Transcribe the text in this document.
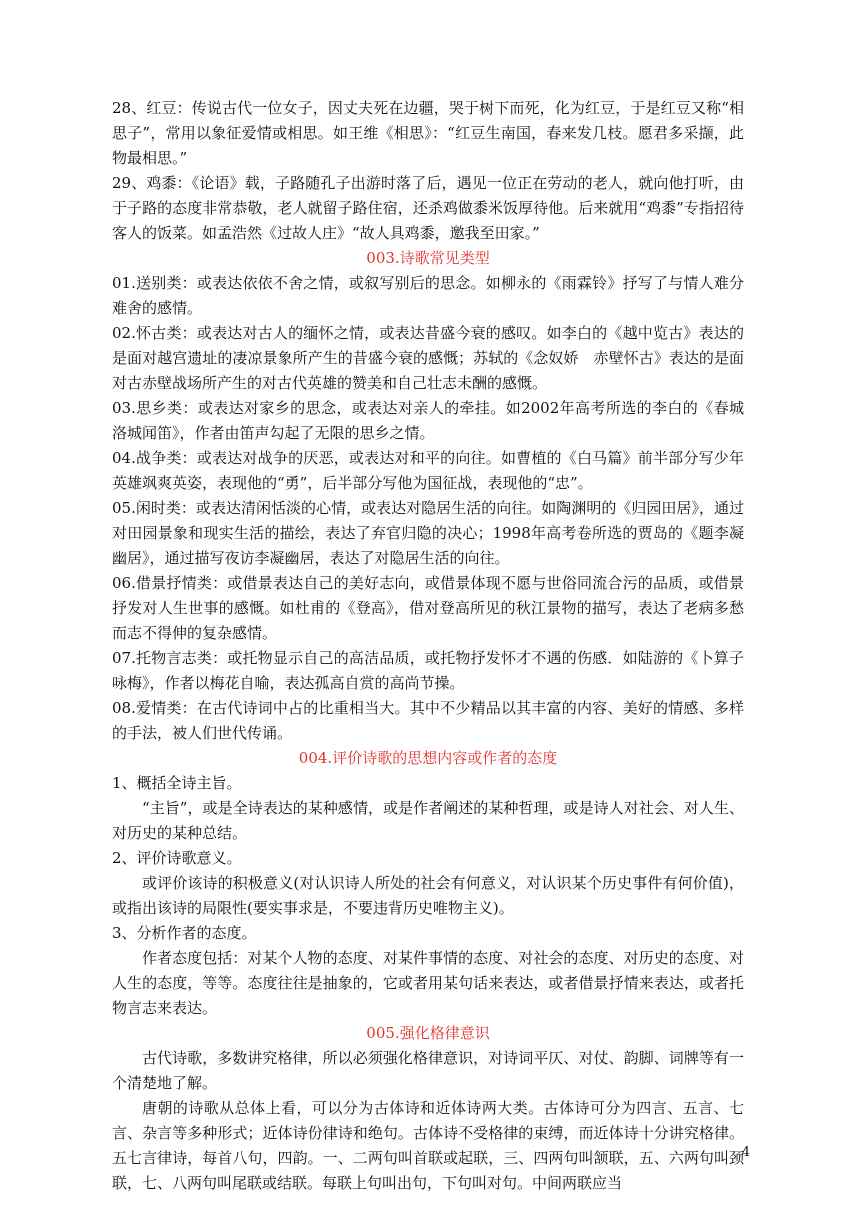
28、红豆：传说古代一位女子，因丈夫死在边疆，哭于树下而死，化为红豆，于是红豆又称“相思子”，常用以象征爱情或相思。如王维《相思》：“红豆生南国，春来发几枝。愿君多采撷，此物最相思。”

29、鸡黍：《论语》载，子路随孔子出游时落了后，遇见一位正在劳动的老人，就向他打听，由于子路的态度非常恭敬，老人就留子路住宿，还杀鸡做黍米饭厚待他。后来就用“鸡黍”专指招待客人的饭菜。如孟浩然《过故人庄》“故人具鸡黍，邀我至田家。”

003.诗歌常见类型

01.送别类：或表达依依不舍之情，或叙写别后的思念。如柳永的《雨霖铃》抒写了与情人难分难舍的感情。

02.怀古类：或表达对古人的缅怀之情，或表达昔盛今衰的感叹。如李白的《越中览古》表达的是面对越宫遗址的凄凉景象所产生的昔盛今衰的感慨；苏轼的《念奴娇　赤壁怀古》表达的是面对古赤壁战场所产生的对古代英雄的赞美和自己壮志未酬的感慨。

03.思乡类：或表达对家乡的思念，或表达对亲人的牵挂。如2002年高考所选的李白的《春城洛城闻笛》，作者由笛声勾起了无限的思乡之情。

04.战争类：或表达对战争的厌恶，或表达对和平的向往。如曹植的《白马篇》前半部分写少年英雄飒爽英姿，表现他的“勇”，后半部分写他为国征战，表现他的“忠”。

05.闲时类：或表达清闲恬淡的心情，或表达对隐居生活的向往。如陶渊明的《归园田居》，通过对田园景象和现实生活的描绘，表达了弃官归隐的决心；1998年高考卷所选的贾岛的《题李凝幽居》，通过描写夜访李凝幽居，表达了对隐居生活的向往。

06.借景抒情类：或借景表达自己的美好志向，或借景体现不愿与世俗同流合污的品质，或借景抒发对人生世事的感慨。如杜甫的《登高》，借对登高所见的秋江景物的描写，表达了老病多愁而志不得伸的复杂感情。

07.托物言志类：或托物显示自己的高洁品质，或托物抒发怀才不遇的伤感．如陆游的《卜算子　咏梅》，作者以梅花自喻，表达孤高自赏的高尚节操。

08.爱情类：在古代诗词中占的比重相当大。其中不少精品以其丰富的内容、美好的情感、多样的手法，被人们世代传诵。

004.评价诗歌的思想内容或作者的态度

1、概括全诗主旨。

“主旨”，或是全诗表达的某种感情，或是作者阐述的某种哲理，或是诗人对社会、对人生、对历史的某种总结。

2、评价诗歌意义。

或评价该诗的积极意义(对认识诗人所处的社会有何意义，对认识某个历史事件有何价值)，或指出该诗的局限性(要实事求是，不要违背历史唯物主义)。

3、分析作者的态度。

作者态度包括：对某个人物的态度、对某件事情的态度、对社会的态度、对历史的态度、对人生的态度，等等。态度往往是抽象的，它或者用某句话来表达，或者借景抒情来表达，或者托物言志来表达。

005.强化格律意识

古代诗歌，多数讲究格律，所以必须强化格律意识，对诗词平仄、对仗、韵脚、词牌等有一个清楚地了解。

唐朝的诗歌从总体上看，可以分为古体诗和近体诗两大类。古体诗可分为四言、五言、七言、杂言等多种形式；近体诗份律诗和绝句。古体诗不受格律的束缚，而近体诗十分讲究格律。五七言律诗，每首八句，四韵。一、二两句叫首联或起联，三、四两句叫颔联，五、六两句叫颈联，七、八两句叫尾联或结联。每联上句叫出句，下句叫对句。中间两联应当

4
